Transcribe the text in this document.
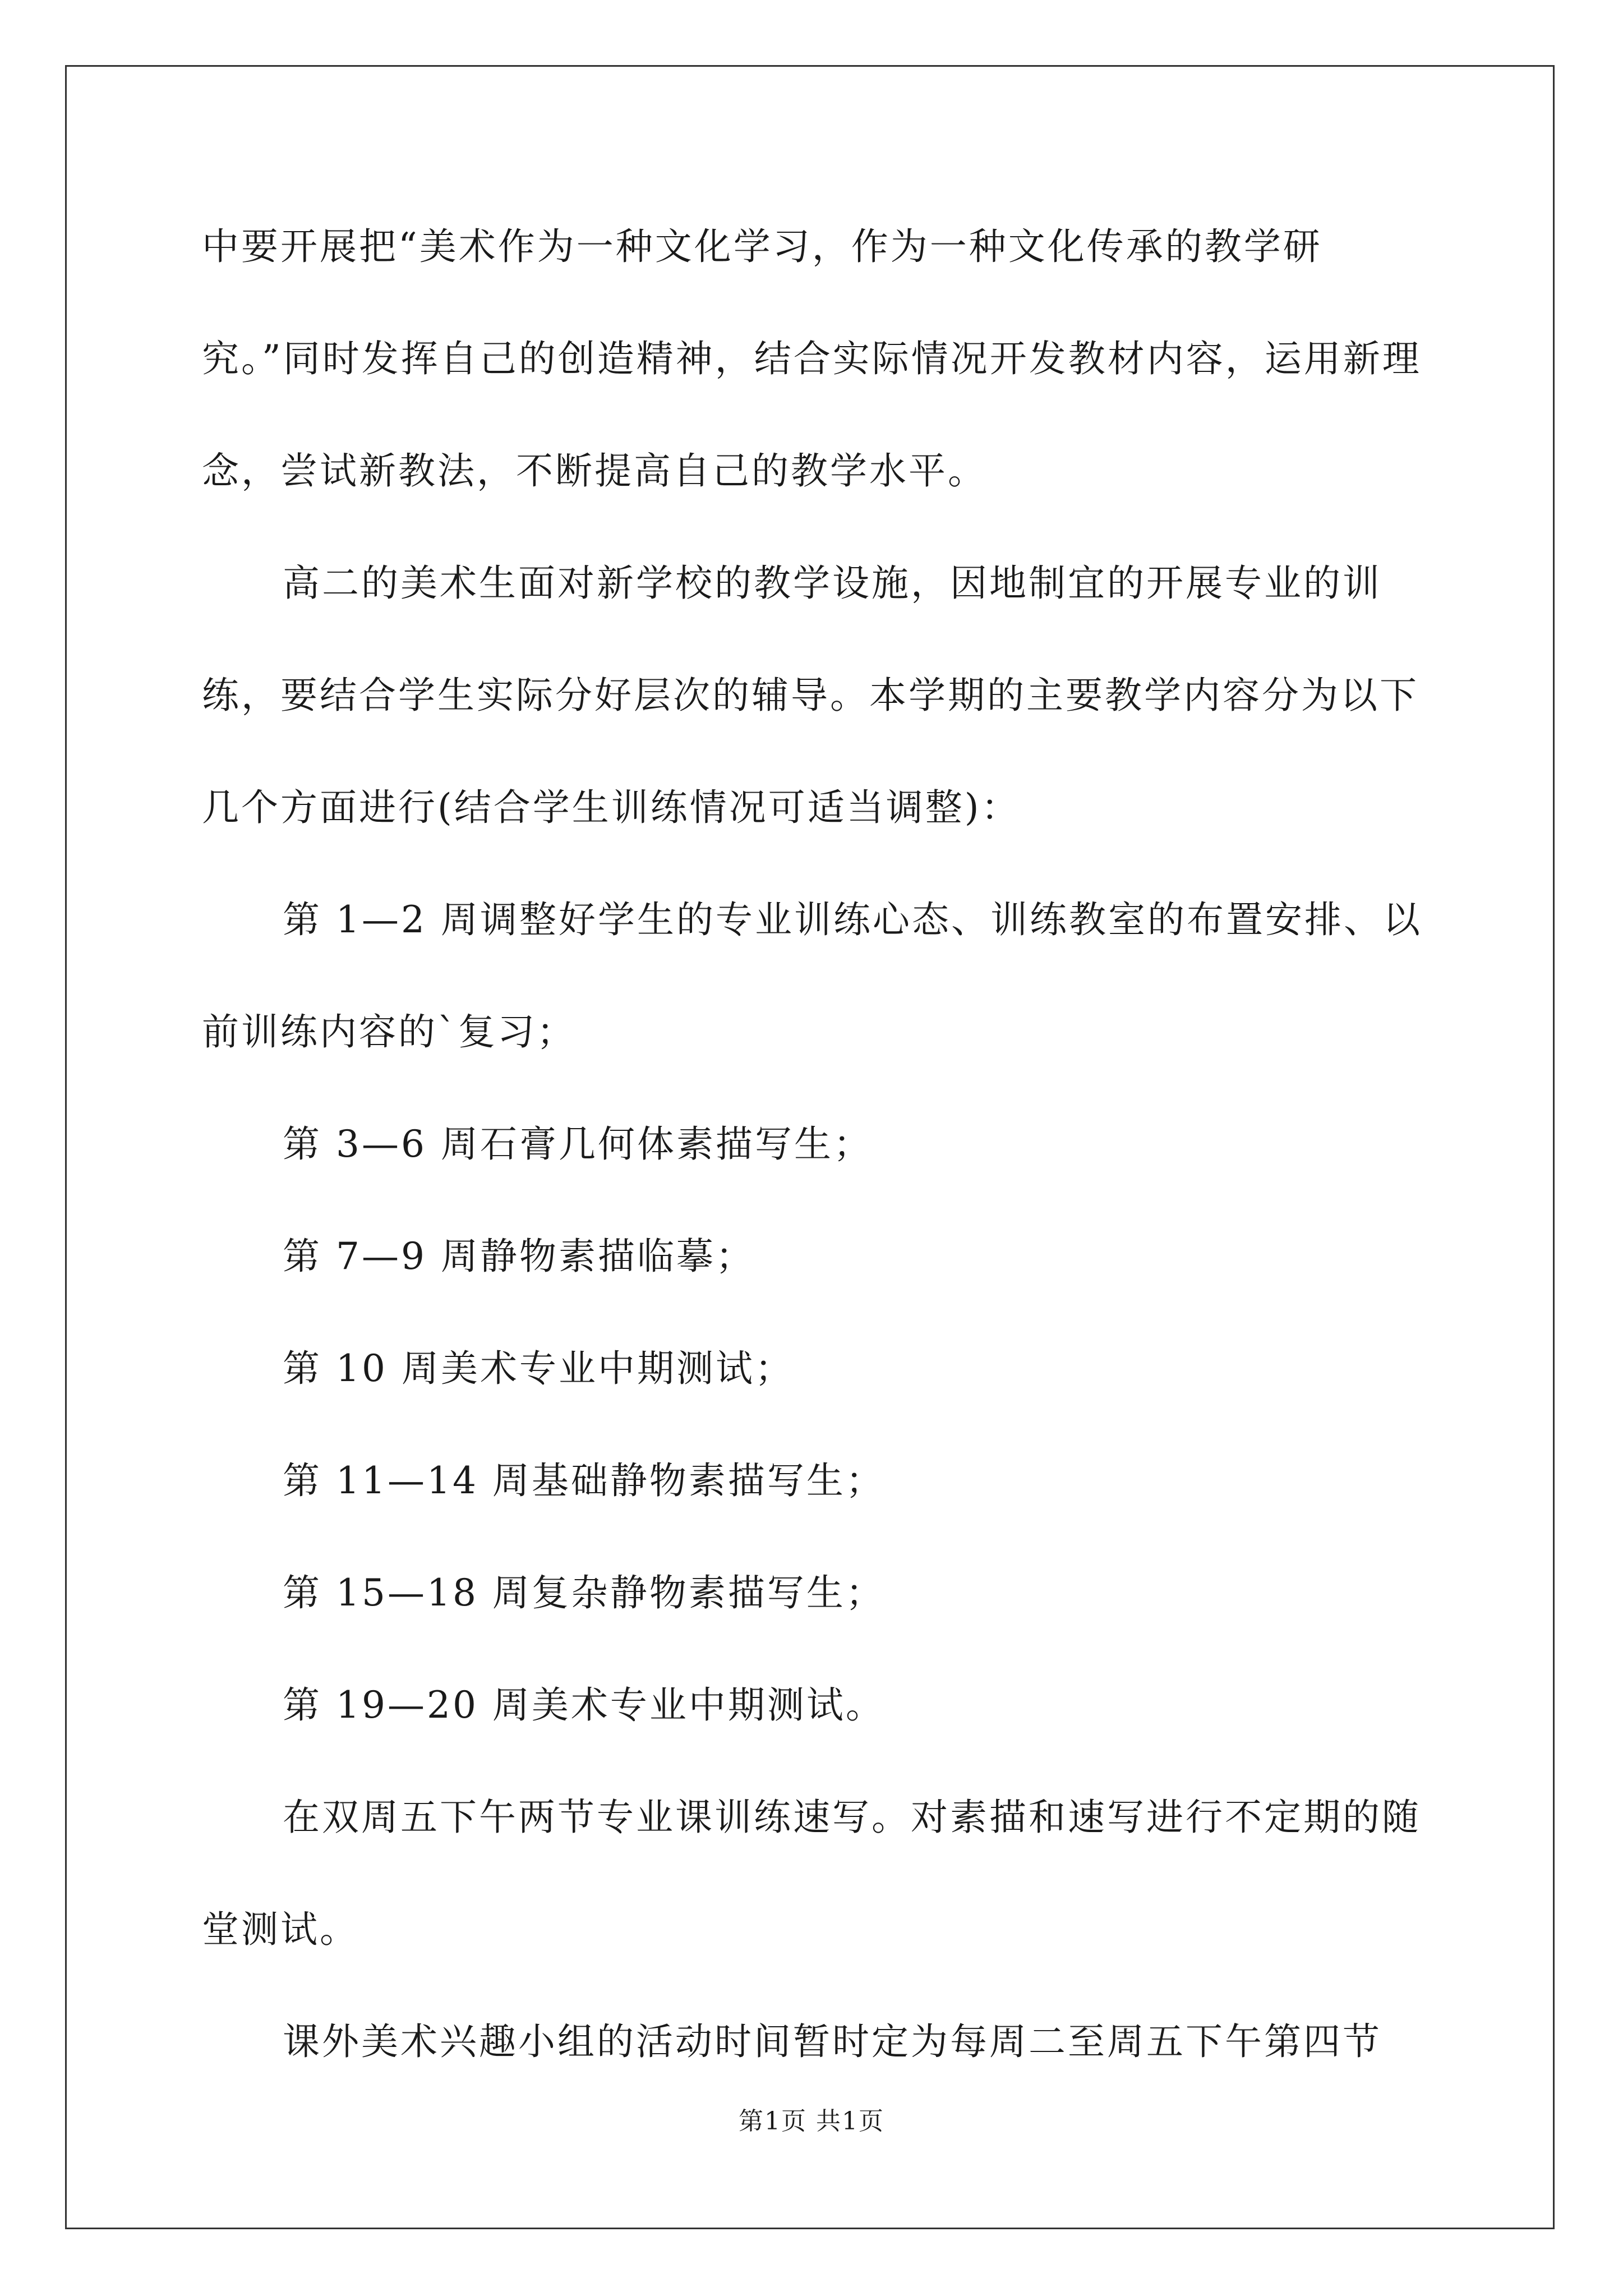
中要开展把“美术作为一种文化学习，作为一种文化传承的教学研究。”同时发挥自己的创造精神，结合实际情况开发教材内容，运用新理念，尝试新教法，不断提高自己的教学水平。

高二的美术生面对新学校的教学设施，因地制宜的开展专业的训练，要结合学生实际分好层次的辅导。本学期的主要教学内容分为以下几个方面进行(结合学生训练情况可适当调整)：

第 1—2 周调整好学生的专业训练心态、训练教室的布置安排、以前训练内容的`复习；

第 3—6 周石膏几何体素描写生；

第 7—9 周静物素描临摹；

第 10 周美术专业中期测试；

第 11—14 周基础静物素描写生；

第 15—18 周复杂静物素描写生；

第 19—20 周美术专业中期测试。

在双周五下午两节专业课训练速写。对素描和速写进行不定期的随堂测试。

课外美术兴趣小组的活动时间暂时定为每周二至周五下午第四节

第1页 共1页
